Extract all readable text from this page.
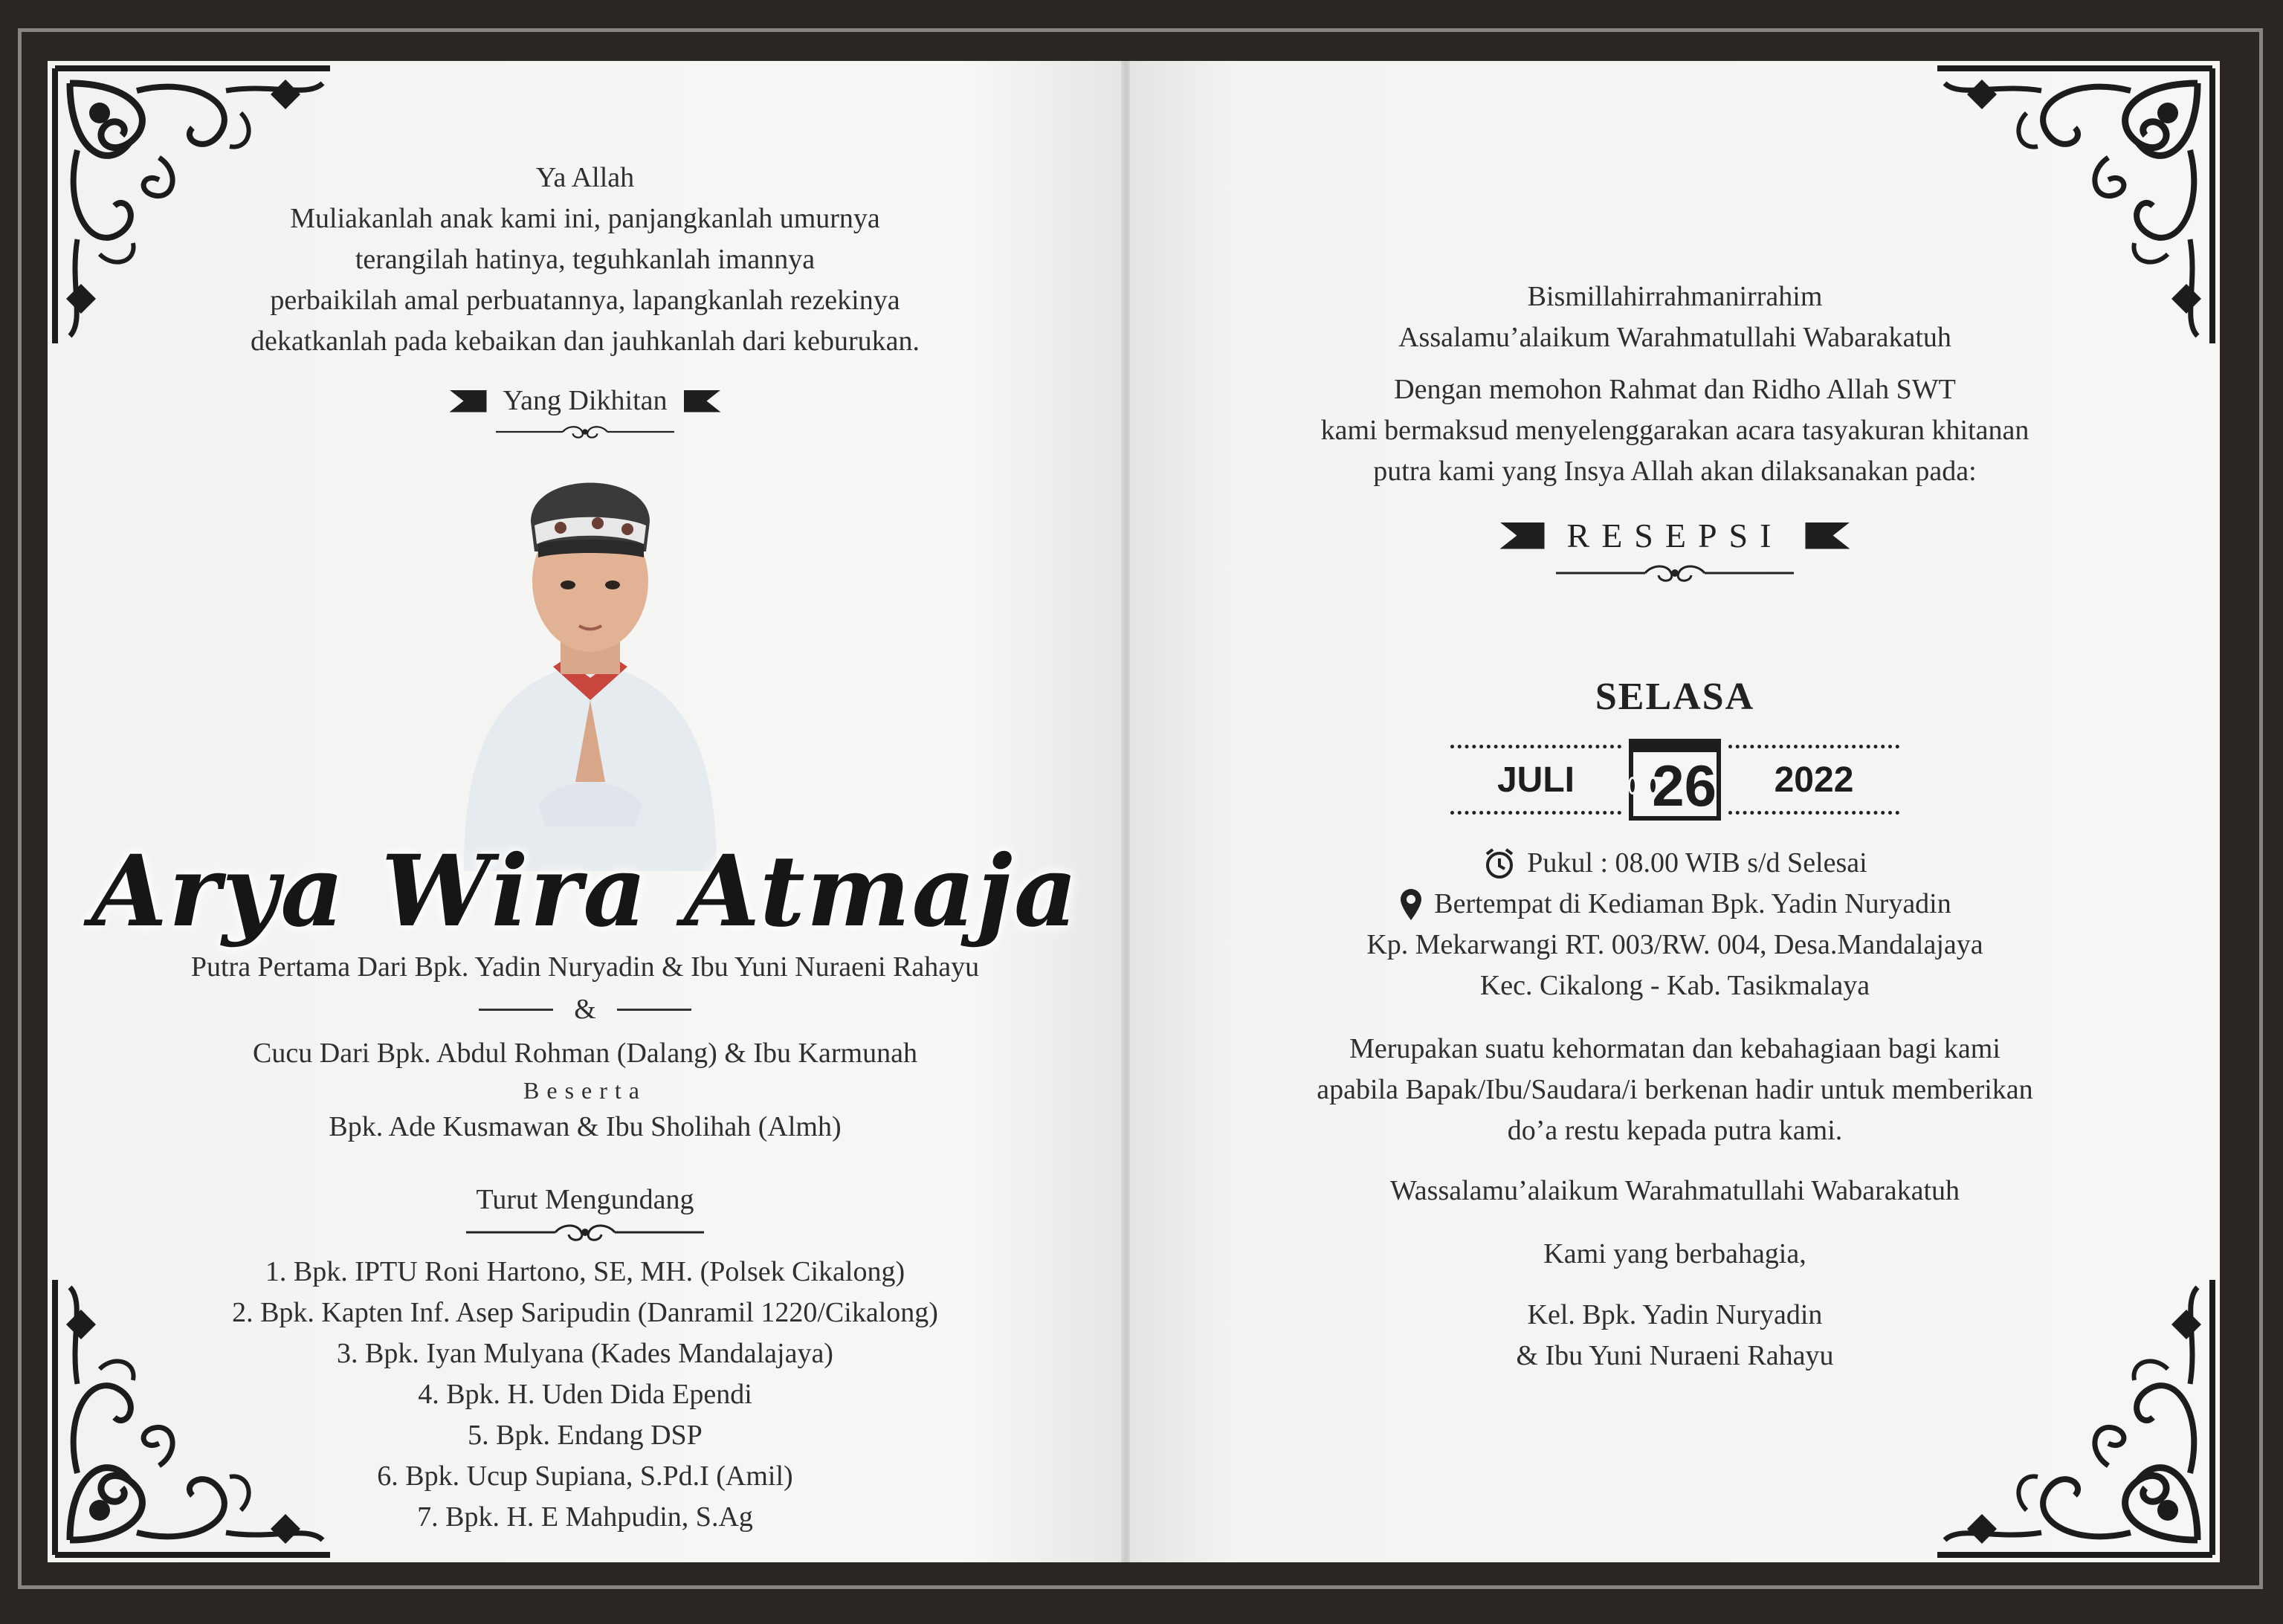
Ya Allah
Muliakanlah anak kami ini, panjangkanlah umurnya
terangilah hatinya, teguhkanlah imannya
perbaikilah amal perbuatannya, lapangkanlah rezekinya
dekatkanlah pada kebaikan dan jauhkanlah dari keburukan.
Yang Dikhitan
Arya Wira Atmaja
Putra Pertama Dari Bpk. Yadin Nuryadin & Ibu Yuni Nuraeni Rahayu
&
Cucu Dari Bpk. Abdul Rohman (Dalang) & Ibu Karmunah
Beserta
Bpk. Ade Kusmawan & Ibu Sholihah (Almh)
Turut Mengundang
1. Bpk. IPTU Roni Hartono, SE, MH. (Polsek Cikalong)
2. Bpk. Kapten Inf. Asep Saripudin (Danramil 1220/Cikalong)
3. Bpk. Iyan Mulyana (Kades Mandalajaya)
4. Bpk. H. Uden Dida Ependi
5. Bpk. Endang DSP
6. Bpk. Ucup Supiana, S.Pd.I (Amil)
7. Bpk. H. E Mahpudin, S.Ag
Bismillahirrahmanirrahim
Assalamu’alaikum Warahmatullahi Wabarakatuh
Dengan memohon Rahmat dan Ridho Allah SWT
kami bermaksud menyelenggarakan acara tasyakuran khitanan
putra kami yang Insya Allah akan dilaksanakan pada:
RESEPSI
SELASA
JULI	26	2022
Pukul : 08.00 WIB s/d Selesai
Bertempat di Kediaman Bpk. Yadin Nuryadin
Kp. Mekarwangi RT. 003/RW. 004, Desa.Mandalajaya
Kec. Cikalong - Kab. Tasikmalaya
Merupakan suatu kehormatan dan kebahagiaan bagi kami
apabila Bapak/Ibu/Saudara/i berkenan hadir untuk memberikan
do’a restu kepada putra kami.
Wassalamu’alaikum Warahmatullahi Wabarakatuh
Kami yang berbahagia,
Kel. Bpk. Yadin Nuryadin
& Ibu Yuni Nuraeni Rahayu
